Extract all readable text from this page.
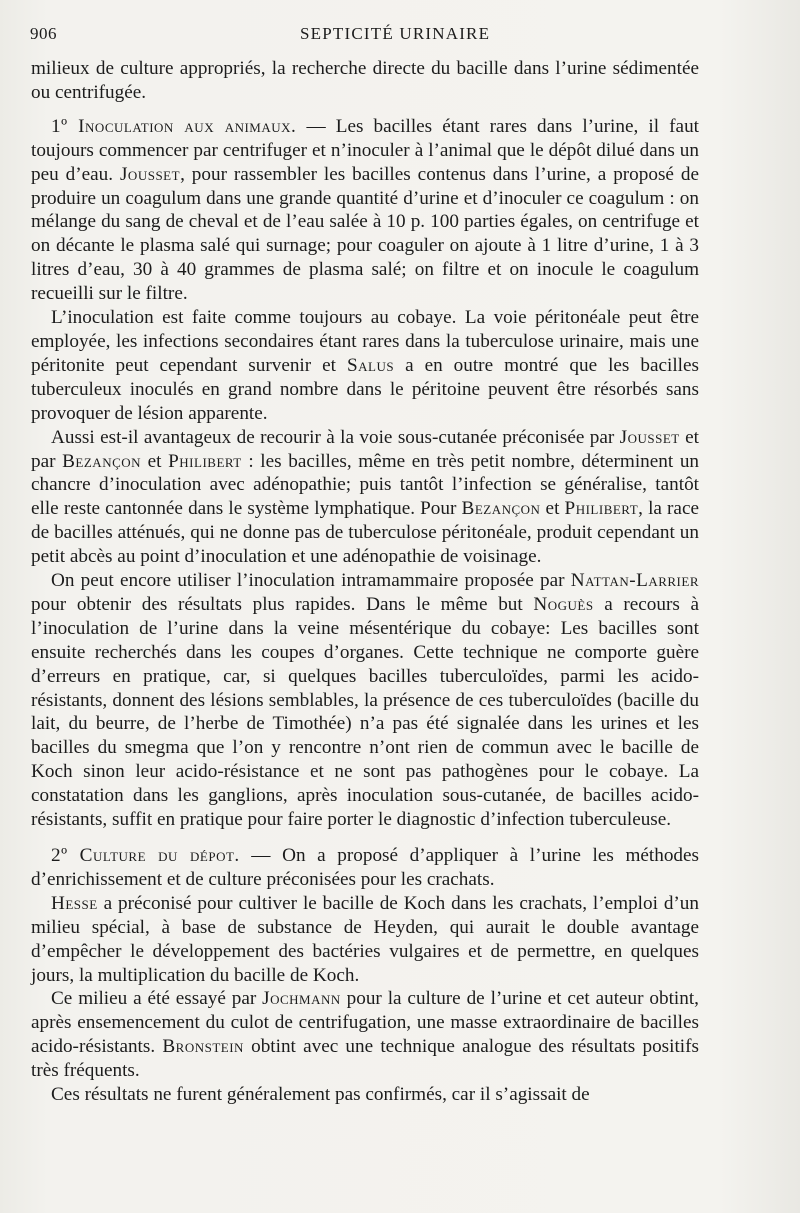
906	SEPTICITÉ URINAIRE

milieux de culture appropriés, la recherche directe du bacille dans l’urine sédimentée ou centrifugée.

1º Inoculation aux animaux. — Les bacilles étant rares dans l’urine, il faut toujours commencer par centrifuger et n’inoculer à l’animal que le dépôt dilué dans un peu d’eau. Jousset, pour rassembler les bacilles contenus dans l’urine, a proposé de produire un coagulum dans une grande quantité d’urine et d’inoculer ce coagulum : on mélange du sang de cheval et de l’eau salée à 10 p. 100 parties égales, on centrifuge et on décante le plasma salé qui surnage; pour coaguler on ajoute à 1 litre d’urine, 1 à 3 litres d’eau, 30 à 40 grammes de plasma salé; on filtre et on inocule le coagulum recueilli sur le filtre.

L’inoculation est faite comme toujours au cobaye. La voie péritonéale peut être employée, les infections secondaires étant rares dans la tuberculose urinaire, mais une péritonite peut cependant survenir et Salus a en outre montré que les bacilles tuberculeux inoculés en grand nombre dans le péritoine peuvent être résorbés sans provoquer de lésion apparente.

Aussi est-il avantageux de recourir à la voie sous-cutanée préconisée par Jousset et par Bezançon et Philibert : les bacilles, même en très petit nombre, déterminent un chancre d’inoculation avec adénopathie; puis tantôt l’infection se généralise, tantôt elle reste cantonnée dans le système lymphatique. Pour Bezançon et Philibert, la race de bacilles atténués, qui ne donne pas de tuberculose péritonéale, produit cependant un petit abcès au point d’inoculation et une adénopathie de voisinage.

On peut encore utiliser l’inoculation intramammaire proposée par Nattan-Larrier pour obtenir des résultats plus rapides. Dans le même but Noguès a recours à l’inoculation de l’urine dans la veine mésentérique du cobaye: Les bacilles sont ensuite recherchés dans les coupes d’organes. Cette technique ne comporte guère d’erreurs en pratique, car, si quelques bacilles tuberculoïdes, parmi les acido-résistants, donnent des lésions semblables, la présence de ces tuberculoïdes (bacille du lait, du beurre, de l’herbe de Timothée) n’a pas été signalée dans les urines et les bacilles du smegma que l’on y rencontre n’ont rien de commun avec le bacille de Koch sinon leur acido-résistance et ne sont pas pathogènes pour le cobaye. La constatation dans les ganglions, après inoculation sous-cutanée, de bacilles acido-résistants, suffit en pratique pour faire porter le diagnostic d’infection tuberculeuse.

2º Culture du dépot. — On a proposé d’appliquer à l’urine les méthodes d’enrichissement et de culture préconisées pour les crachats.

Hesse a préconisé pour cultiver le bacille de Koch dans les crachats, l’emploi d’un milieu spécial, à base de substance de Heyden, qui aurait le double avantage d’empêcher le développement des bactéries vulgaires et de permettre, en quelques jours, la multiplication du bacille de Koch.

Ce milieu a été essayé par Jochmann pour la culture de l’urine et cet auteur obtint, après ensemencement du culot de centrifugation, une masse extraordinaire de bacilles acido-résistants. Bronstein obtint avec une technique analogue des résultats positifs très fréquents.

Ces résultats ne furent généralement pas confirmés, car il s’agissait de
